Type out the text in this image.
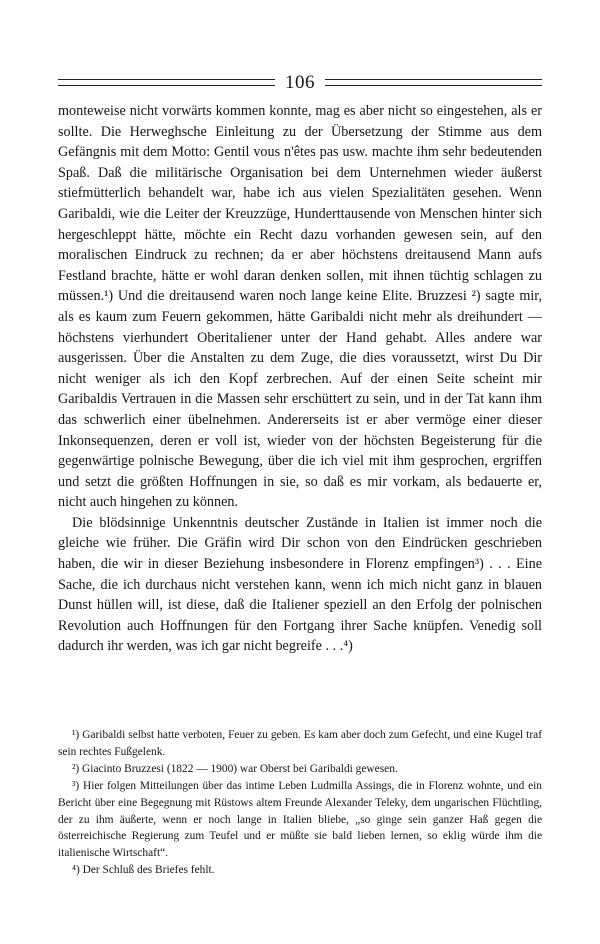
106

monteweise nicht vorwärts kommen konnte, mag es aber nicht so eingestehen, als er sollte. Die Herweghsche Einleitung zu der Übersetzung der Stimme aus dem Gefängnis mit dem Motto: Gentil vous n'êtes pas usw. machte ihm sehr bedeutenden Spaß. Daß die militärische Organisation bei dem Unternehmen wieder äußerst stiefmütterlich behandelt war, habe ich aus vielen Spezialitäten gesehen. Wenn Garibaldi, wie die Leiter der Kreuzzüge, Hunderttausende von Menschen hinter sich hergeschleppt hätte, möchte ein Recht dazu vorhanden gewesen sein, auf den moralischen Eindruck zu rechnen; da er aber höchstens dreitausend Mann aufs Festland brachte, hätte er wohl daran denken sollen, mit ihnen tüchtig schlagen zu müssen.¹) Und die dreitausend waren noch lange keine Elite. Bruzzesi ²) sagte mir, als es kaum zum Feuern gekommen, hätte Garibaldi nicht mehr als dreihundert — höchstens vierhundert Oberitaliener unter der Hand gehabt. Alles andere war ausgerissen. Über die Anstalten zu dem Zuge, die dies voraussetzt, wirst Du Dir nicht weniger als ich den Kopf zerbrechen. Auf der einen Seite scheint mir Garibaldis Vertrauen in die Massen sehr erschüttert zu sein, und in der Tat kann ihm das schwerlich einer übelnehmen. Andererseits ist er aber vermöge einer dieser Inkonsequenzen, deren er voll ist, wieder von der höchsten Begeisterung für die gegenwärtige polnische Bewegung, über die ich viel mit ihm gesprochen, ergriffen und setzt die größten Hoffnungen in sie, so daß es mir vorkam, als bedauerte er, nicht auch hingehen zu können.

Die blödsinnige Unkenntnis deutscher Zustände in Italien ist immer noch die gleiche wie früher. Die Gräfin wird Dir schon von den Eindrücken geschrieben haben, die wir in dieser Beziehung insbesondere in Florenz empfingen³) . . . Eine Sache, die ich durchaus nicht verstehen kann, wenn ich mich nicht ganz in blauen Dunst hüllen will, ist diese, daß die Italiener speziell an den Erfolg der polnischen Revolution auch Hoffnungen für den Fortgang ihrer Sache knüpfen. Venedig soll dadurch ihr werden, was ich gar nicht begreife . . .⁴)

¹) Garibaldi selbst hatte verboten, Feuer zu geben. Es kam aber doch zum Gefecht, und eine Kugel traf sein rechtes Fußgelenk.

²) Giacinto Bruzzesi (1822 — 1900) war Oberst bei Garibaldi gewesen.

³) Hier folgen Mitteilungen über das intime Leben Ludmilla Assings, die in Florenz wohnte, und ein Bericht über eine Begegnung mit Rüstows altem Freunde Alexander Teleky, dem ungarischen Flüchtling, der zu ihm äußerte, wenn er noch lange in Italien bliebe, „so ginge sein ganzer Haß gegen die österreichische Regierung zum Teufel und er müßte sie bald lieben lernen, so eklig würde ihm die italienische Wirtschaft“.

⁴) Der Schluß des Briefes fehlt.
